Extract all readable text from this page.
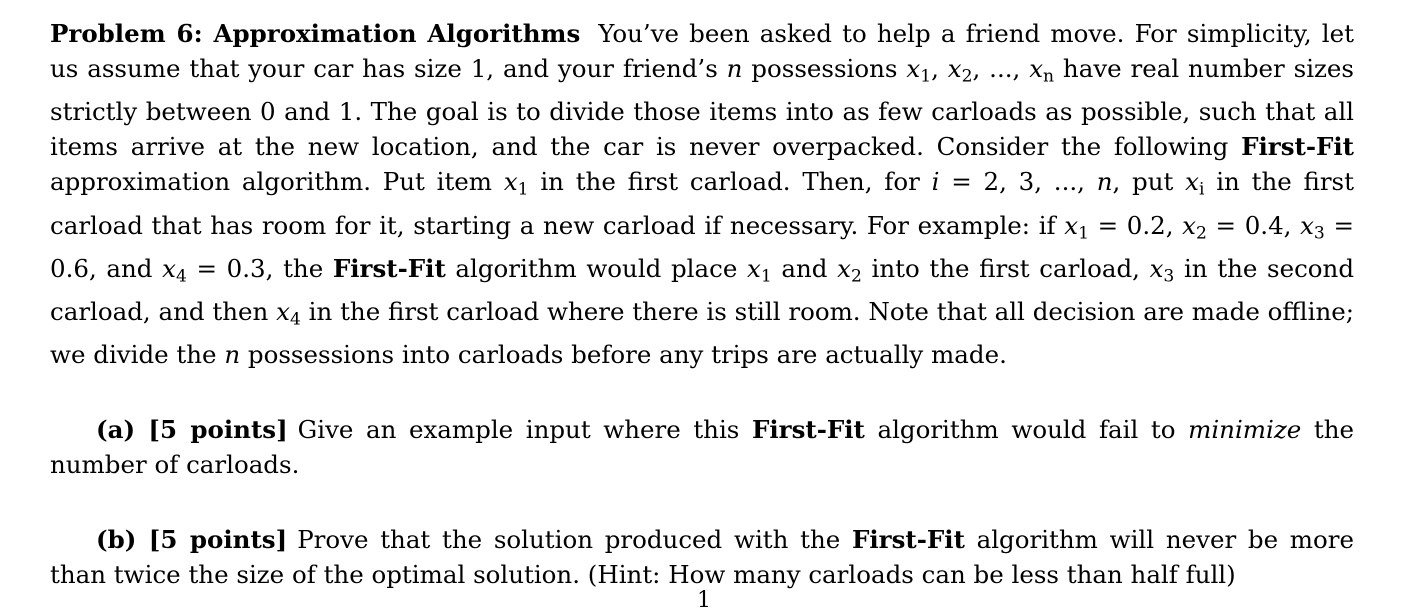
Problem 6: Approximation Algorithms You’ve been asked to help a friend move. For simplicity, let us assume that your car has size 1, and your friend’s n possessions $x_1$, $x_2$, ..., $x_n$ have real number sizes strictly between 0 and 1. The goal is to divide those items into as few carloads as possible, such that all items arrive at the new location, and the car is never overpacked. Consider the following First-Fit approximation algorithm. Put item $x_1$ in the first carload. Then, for i = 2, 3, ..., n, put $x_i$ in the first carload that has room for it, starting a new carload if necessary. For example: if $x_1 = 0.2$, $x_2 = 0.4$, $x_3 = 0.6$, and $x_4 = 0.3$, the First-Fit algorithm would place $x_1$ and $x_2$ into the first carload, $x_3$ in the second carload, and then $x_4$ in the first carload where there is still room. Note that all decision are made offline; we divide the n possessions into carloads before any trips are actually made.

(a) [5 points] Give an example input where this First-Fit algorithm would fail to minimize the number of carloads.

(b) [5 points] Prove that the solution produced with the First-Fit algorithm will never be more than twice the size of the optimal solution. (Hint: How many carloads can be less than half full)

1
